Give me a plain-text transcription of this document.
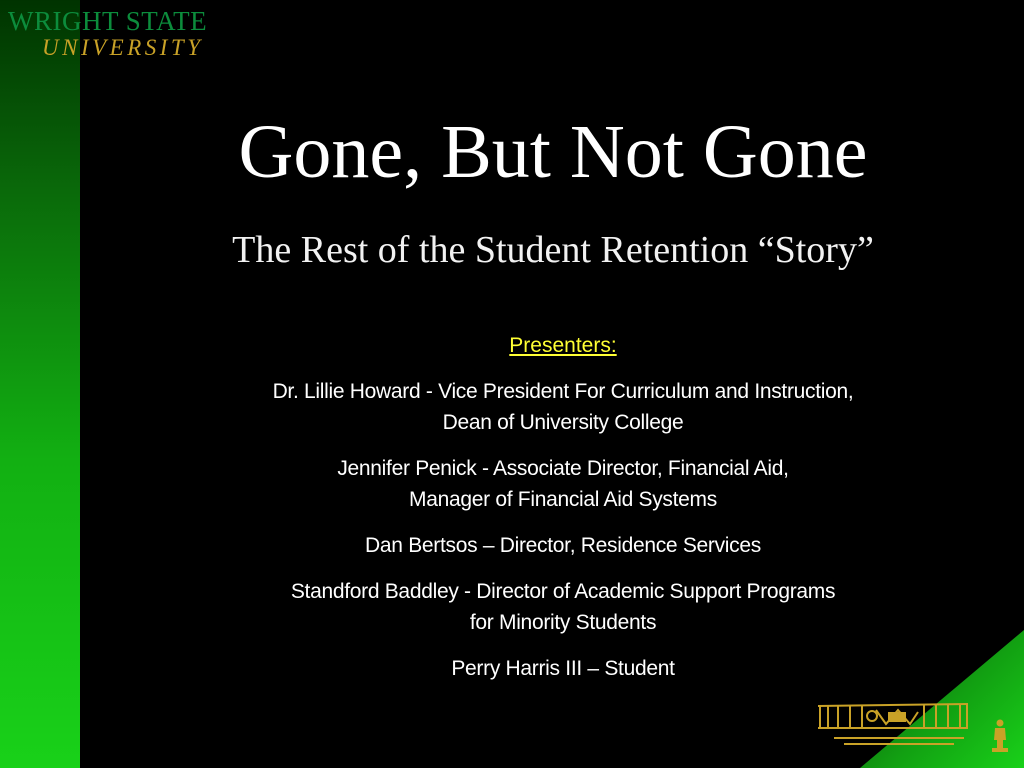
WRIGHT STATE
UNIVERSITY
Gone, But Not Gone
The Rest of the Student Retention “Story”
Presenters:
Dr. Lillie Howard - Vice President For Curriculum and Instruction,
Dean of University College
Jennifer Penick - Associate Director, Financial Aid,
Manager of Financial Aid Systems
Dan Bertsos – Director, Residence Services
Standford Baddley - Director of Academic Support Programs
for Minority Students
Perry Harris III – Student
